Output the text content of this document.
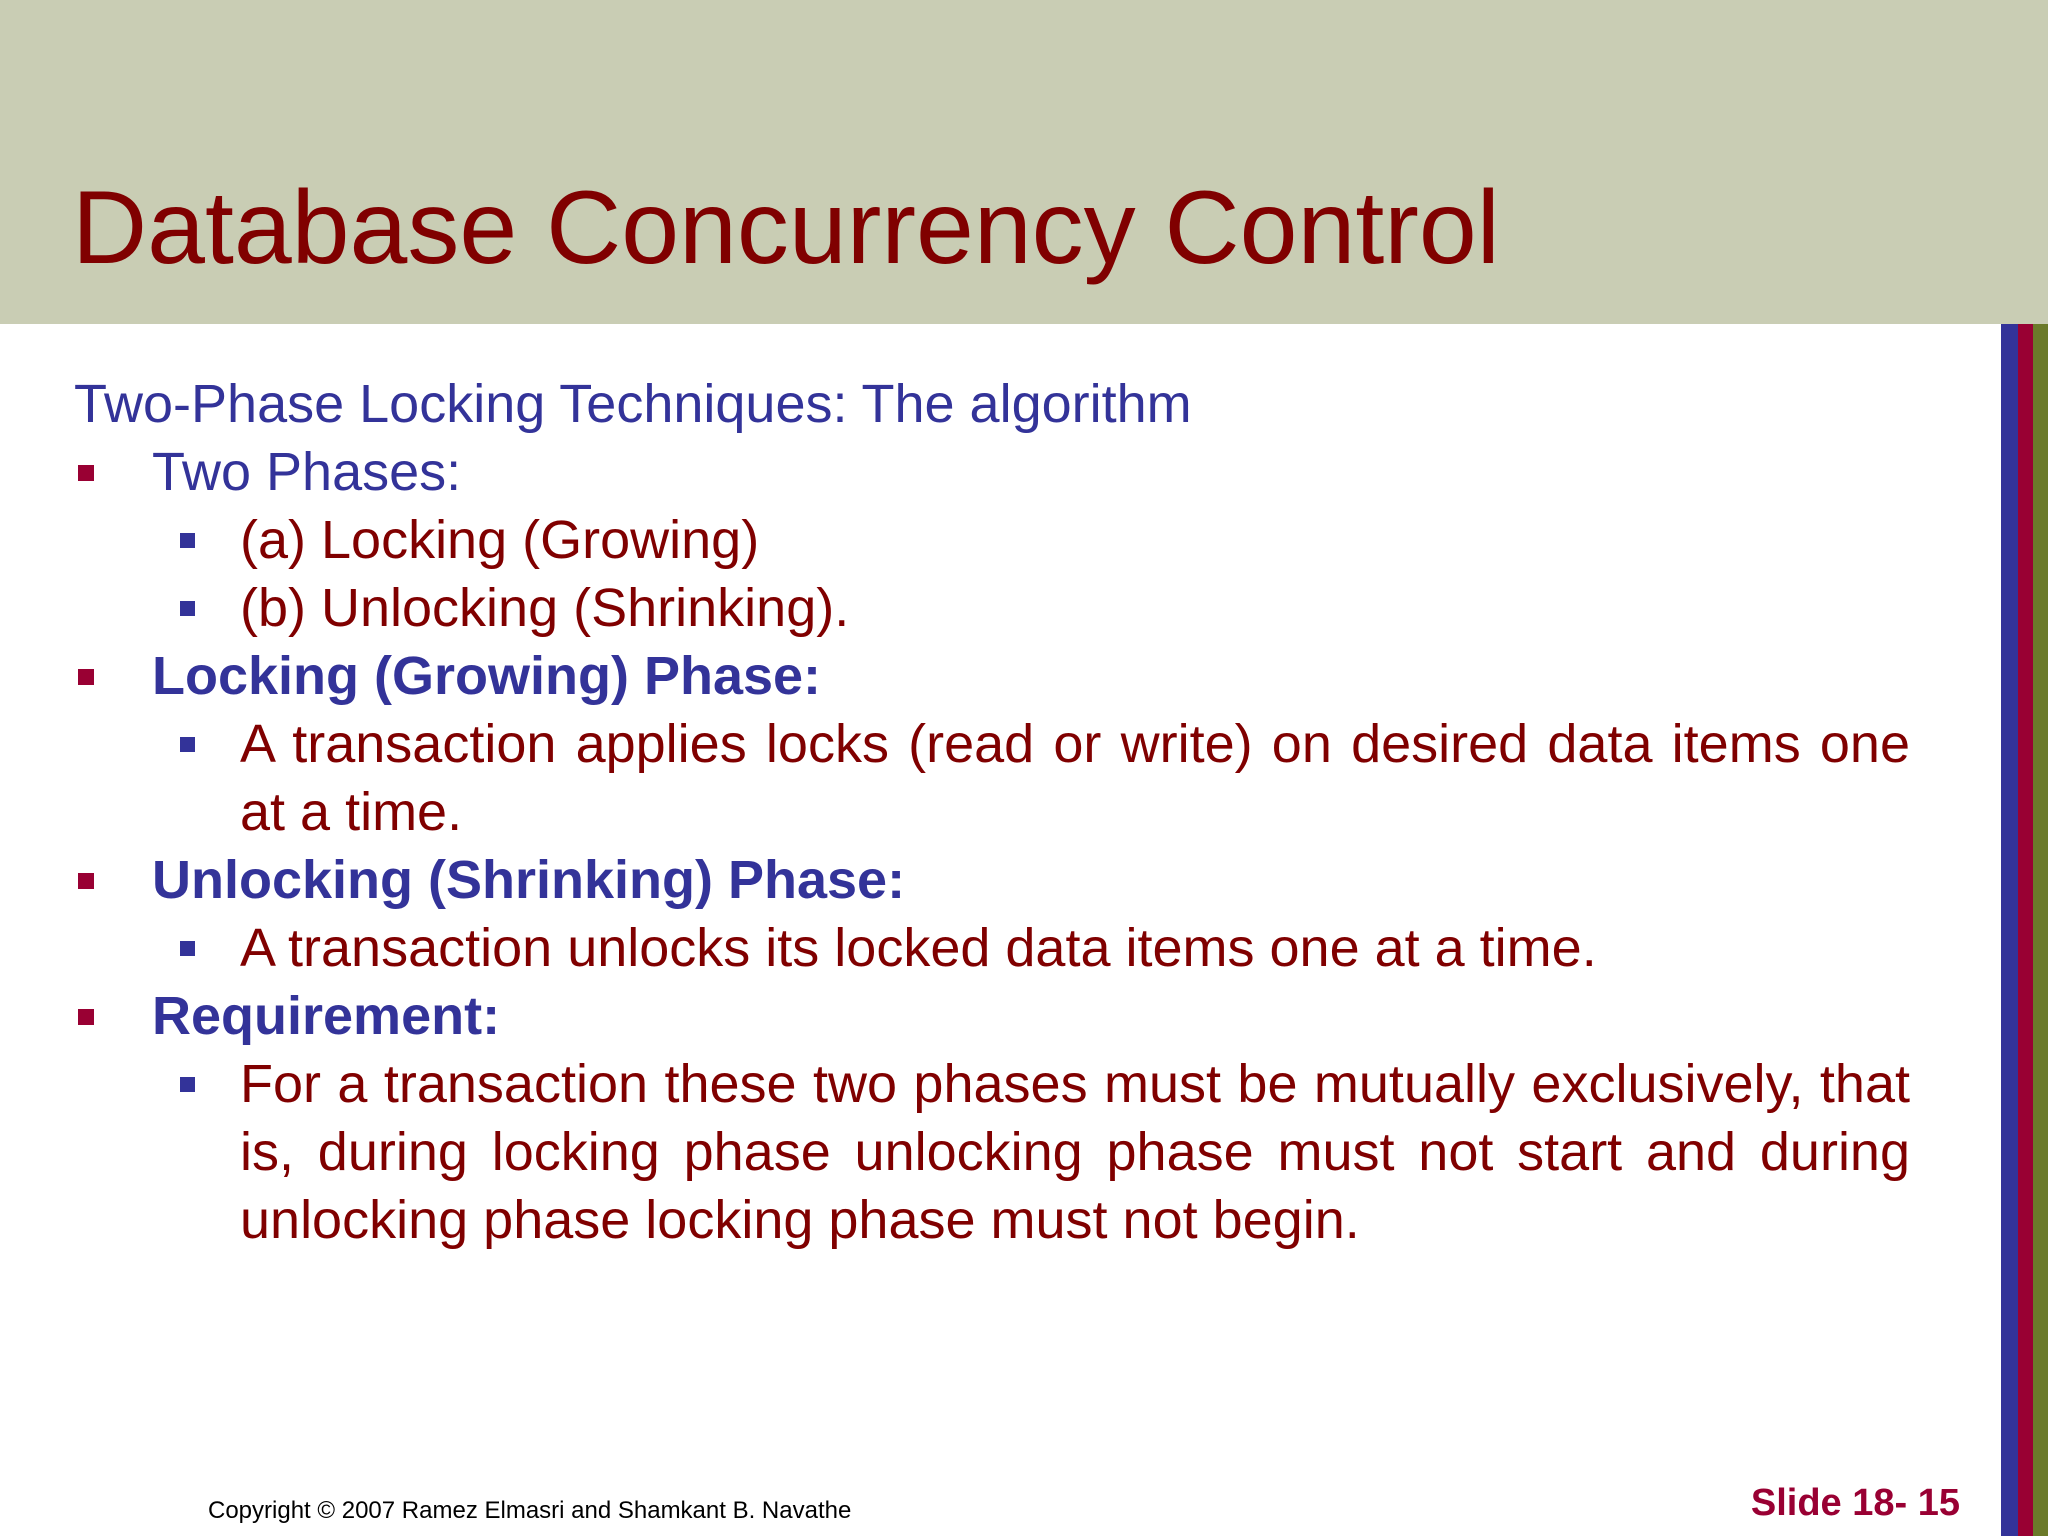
Database Concurrency Control

Two-Phase Locking Techniques: The algorithm

Two Phases:
(a) Locking (Growing)
(b) Unlocking (Shrinking).
Locking (Growing) Phase:
A transaction applies locks (read or write) on desired data items one at a time.
Unlocking (Shrinking) Phase:
A transaction unlocks its locked data items one at a time.
Requirement:
For a transaction these two phases must be mutually exclusively, that is, during locking phase unlocking phase must not start and during unlocking phase locking phase must not begin.
Copyright © 2007 Ramez Elmasri and Shamkant B. Navathe	Slide 18- 15
